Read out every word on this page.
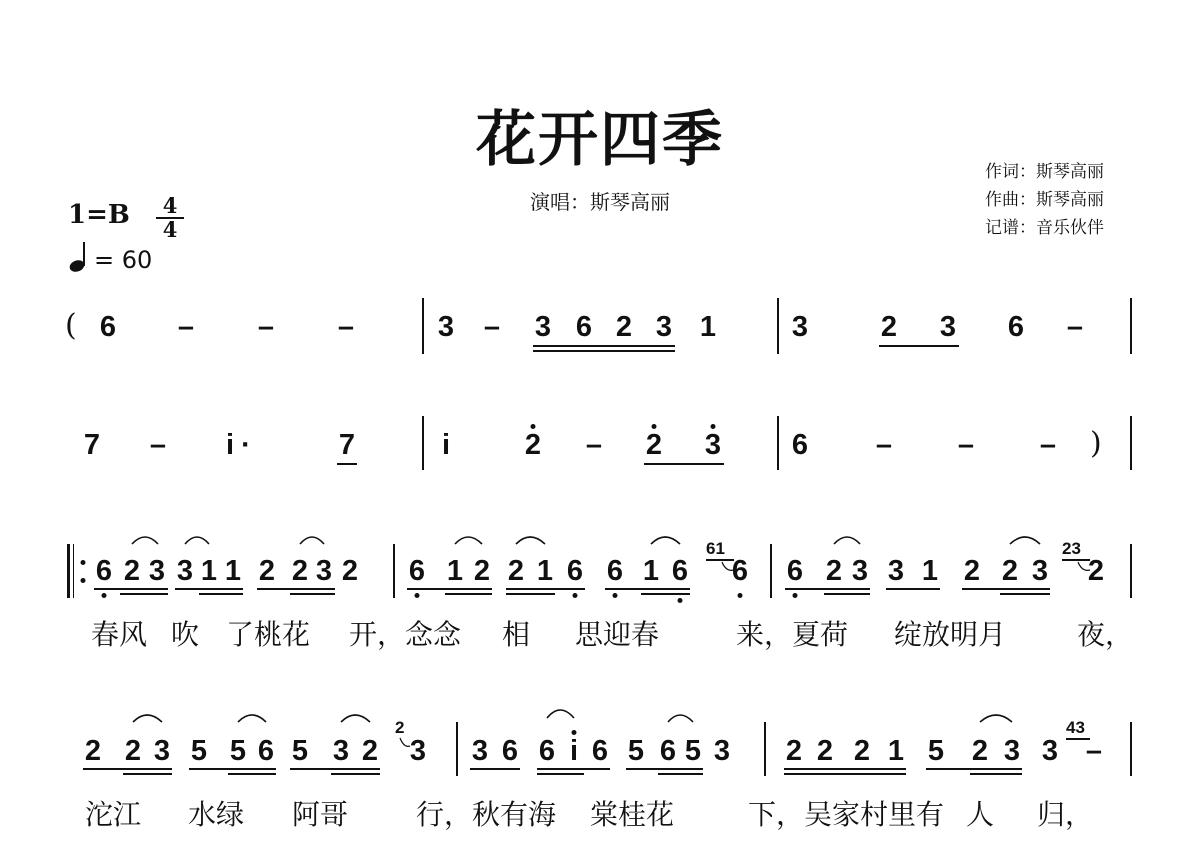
花开四季
演唱：斯琴高丽
作词：斯琴高丽
作曲：斯琴高丽
记谱：音乐伙伴
1=B	4
4
= 60
( 6 – – –	3 – 3 6 2 3 1	3	2 3 6 –
7 – i ·	7	i	2 – 2 3 6 – – – )
6 2 3 3 1 1 2 2 3 2 6 1 2 2 1 6 6 1 6
61
6 6 2 3 3 1 2 2 3
23
2
春风 吹 了桃花 开，念念 相 思迎春	来，夏荷 绽放明月	夜，
2 2 3 5 5 6 5 3 2
2
3 3 6 6 i 6 5 6 5 3 2 2 2 1 5 2 3 3
43
–
沱江 水绿 阿哥 行，秋有海 棠桂花	下，吴家村里有 人 归，
